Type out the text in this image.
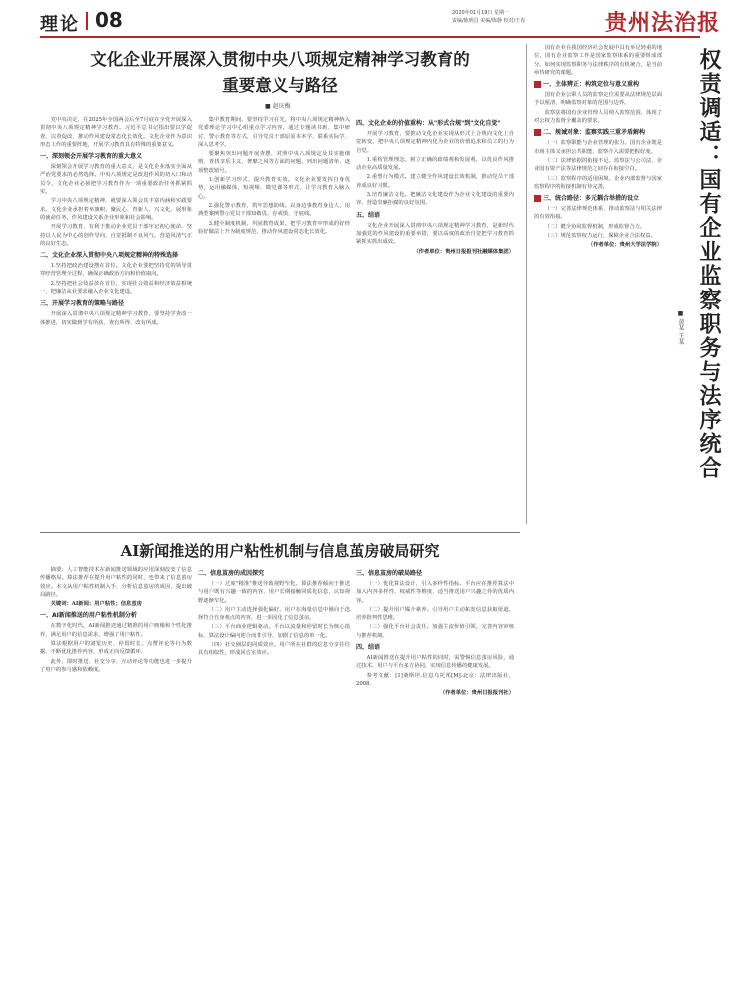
理论 08	2020年01月19日 星期一
责编/陈明昌 美编/陈静 校对/王春	贵州法治报
文化企业开展深入贯彻中央八项规定精神学习教育的
重要意义与路径
■ 赵庆梅

党中央决定，在2025年全国两会后至7月底在全党开展深入贯彻中央八项规定精神学习教育。习近平总书记指出要以学促查、以查促改，推动作风建设常态化长效化。文化企业作为意识形态工作的重要阵地，开展学习教育具有特殊的重要意义。

一、深刻领会开展学习教育的重大意义

深刻领会开展学习教育的重大意义，是文化企业落实全面从严治党要求的必然选择。中央八项规定是改进作风的切入口和动员令，文化企业必须把学习教育作为一项重要政治任务抓紧抓实。

学习中央八项规定精神，就要深入领会其丰富内涵和实践要求。文化企业承担着举旗帜、聚民心、育新人、兴文化、展形象的使命任务，作风建设关系企业形象和社会影响。

开展学习教育，有利于推动企业党员干部牢记初心使命，坚持以人民为中心的创作导向，自觉抵制不良风气，营造风清气正的良好生态。

二、文化企业深入贯彻中央八项规定精神的特殊选择

1.坚持把政治建设摆在首位。文化企业要把坚持党的领导贯穿经营管理全过程，确保正确政治方向和价值取向。

2.坚持把社会效益放在首位，实现社会效益和经济效益相统一，把廉洁从业要求融入企业文化建设。

三、开展学习教育的策略与路径

开展深入贯彻中央八项规定精神学习教育，要坚持学查改一体推进，切实做到学有所获、查有所得、改有所成。

集中教育期间，要坚持学习在先，将中央八项规定精神纳入党委理论学习中心组重点学习内容。通过专题读书班、集中研讨、警示教育等方式，引导党员干部原原本本学、联系实际学、深入思考学。

要聚焦突出问题开展查摆，对照中央八项规定及其实施细则，查找享乐主义、奢靡之风等方面的问题，列出问题清单，逐项整改销号。

1.创新学习形式，提升教育实效。文化企业要发挥自身优势，运用融媒体、短视频、微党课等形式，让学习教育入脑入心。

2.强化警示教育，筑牢思想防线。以身边事教育身边人，用典型案例警示党员干部知敬畏、存戒惧、守底线。

3.健全制度机制，巩固教育成果。把学习教育中形成的好经验好做法上升为制度规范，推动作风建设常态化长效化。

四、文化企业的价值重构：从"形式合规"到"文化自觉"

开展学习教育，要推动文化企业实现从形式上合规向文化上自觉转变，把中央八项规定精神内化为企业的价值追求和员工的行为自觉。

1.重构管理理念。树立正确的政绩观和发展观，以优良作风推动企业高质量发展。

2.重塑行为模式。建立健全作风建设长效机制，推动党员干部养成良好习惯。

3.培育廉洁文化。把廉洁文化建设作为企业文化建设的重要内容，营造崇廉拒腐的良好氛围。

五、结语

文化企业开展深入贯彻中央八项规定精神学习教育，是新时代加强党的作风建设的重要举措，要以高度的政治自觉把学习教育抓紧抓实抓出成效。

（作者单位：贵州日报报刊社融媒体集团）

AI新闻推送的用户粘性机制与信息茧房破局研究

摘要：人工智能技术在新闻推送领域的应用深刻改变了信息传播格局。算法推荐在提升用户粘性的同时，也带来了信息茧房效应。本文从用户粘性机制入手，分析信息茧房的成因，提出破局路径。

关键词：AI新闻；用户粘性；信息茧房

一、AI新闻推送的用户粘性机制分析

在数字化时代，AI新闻推送通过精准的用户画像和个性化推荐，满足用户的信息需求，增强了用户粘性。

算法根据用户的浏览历史、停留时长、点赞评论等行为数据，不断优化推荐内容，形成正向反馈循环。

此外，即时推送、社交分享、互动评论等功能也进一步提升了用户的参与感和依赖度。

二、信息茧房的成因探究

（一）过度"精准"推送导致视野窄化。算法推荐倾向于推送与用户既有兴趣一致的内容，用户长期接触同质化信息，认知视野逐渐窄化。

（二）用户主动选择强化偏好。用户在海量信息中倾向于选择符合自身观点的内容，进一步固化了信息茧房。

（三）平台商业逻辑驱动。平台以流量和停留时长为核心指标，算法设计偏向迎合而非引导，加剧了信息的单一化。

（四）社交圈层的同质效应。用户所在社群的信息分享往往具有相似性，形成回音室效应。

三、信息茧房的破局路径

（一）优化算法设计，引入多样性指标。平台应在推荐算法中加入内容多样性、权威性等维度，适当推送用户兴趣之外的优质内容。

（二）提升用户媒介素养。引导用户主动拓宽信息获取渠道，培养批判性思维。

（三）强化平台社会责任。加强主流价值引领，完善内容审核与推荐机制。

四、结语

AI新闻推送在提升用户粘性的同时，需警惕信息茧房风险，通过技术、用户与平台多方协同，实现信息传播的健康发展。

参考文献：[1]桑斯坦.信息乌托邦[M].北京：法律出版社，2008.

（作者单位：贵州日报报刊社）

权责调适：国有企业监察职务与法序统合
■ 黄某 王某

国有企业在我国经济社会发展中具有举足轻重的地位，国有企业监察工作是国家监察体系的重要组成部分。如何实现监察职务与法律秩序的有机统合，是当前亟待研究的课题。

一、主体辨正：构筑定位与意义重构

国有企业公职人员的监察定位需要从法律规范层面予以厘清，明确监察对象的范围与边界。

监察法将国有企业管理人员纳入监察范围，体现了对公权力监督全覆盖的要求。

二、规诫对象：监察实践三重矛盾解构

（一）监察职能与企业管理的张力。国有企业既是市场主体又承担公共职能，监察介入需要把握好度。

（二）法律依据的衔接不足。监察法与公司法、企业国有资产法等法律规范之间存在衔接空白。

（三）监察程序的适用困境。企业内部监督与国家监察程序的衔接机制有待完善。

三、统合路径：多元耦合举措的设立

（一）完善法律规范体系，推动监察法与相关法律的有效衔接。

（二）健全协同监督机制，形成监督合力。

（三）规范监察权力运行，保障企业合法权益。

（作者单位：贵州大学法学院）
